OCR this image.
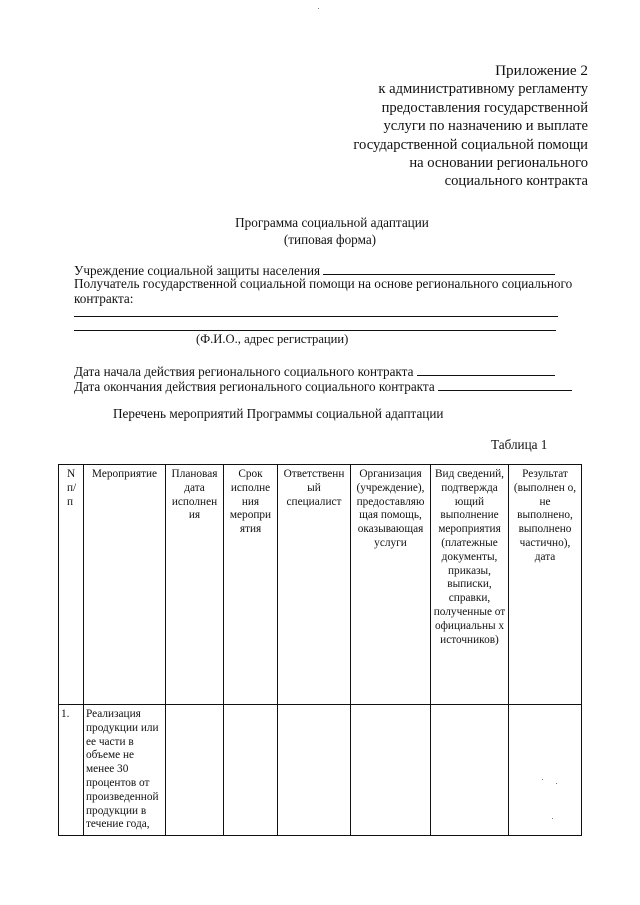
Приложение 2
к административному регламенту
предоставления государственной
услуги по назначению и выплате
государственной социальной помощи
на основании регионального
социального контракта
Программа социальной адаптации
(типовая форма)
Учреждение социальной защиты населения
Получатель государственной социальной помощи на основе регионального социального
контракта:
(Ф.И.О., адрес регистрации)
Дата начала действия регионального социального контракта
Дата окончания действия регионального социального контракта
Перечень мероприятий Программы социальной адаптации
Таблица 1
N п/ п	Мероприятие	Плановая дата исполнен ия	Срок исполне ния меропри ятия	Ответственн ый специалист	Организация (учреждение), предоставляю щая помощь, оказывающая услуги	Вид сведений, подтвержда ющий выполнение мероприятия (платежные документы, приказы, выписки, справки, полученные от официальны х источников)	Результат (выполнен о, не выполнено, выполнено частично), дата
1.	Реализация продукции или ее части в объеме не менее 30 процентов от произведенной продукции в течение года,						
